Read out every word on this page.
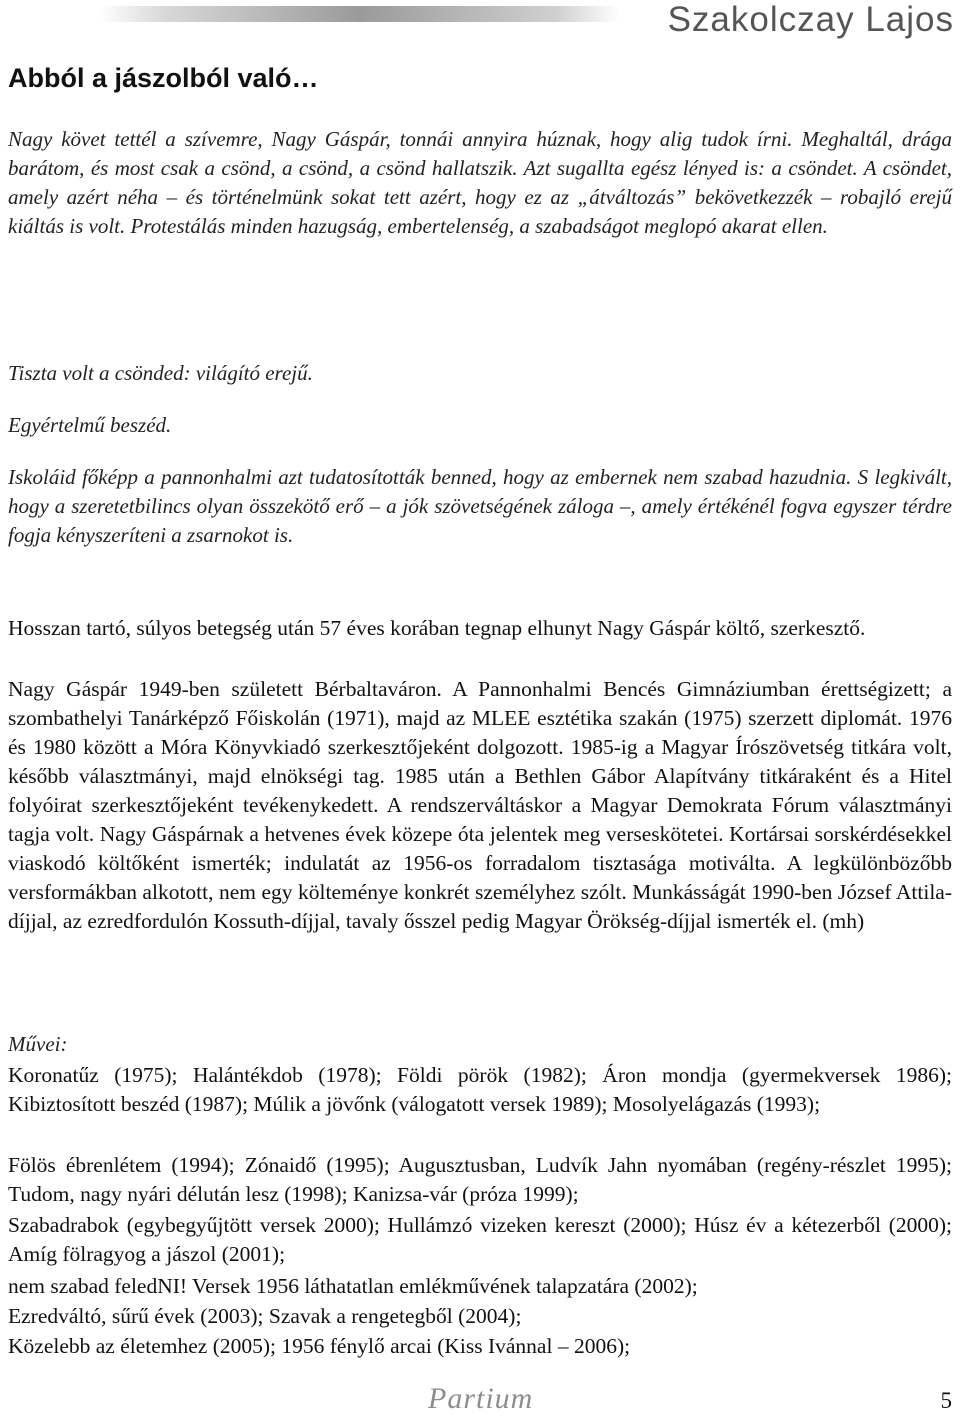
Szakolczay Lajos

Abból a jászolból való…

Nagy követ tettél a szívemre, Nagy Gáspár, tonnái annyira húznak, hogy alig tudok írni. Meghaltál, drága barátom, és most csak a csönd, a csönd, a csönd hallatszik. Azt sugallta egész lényed is: a csöndet. A csöndet, amely azért néha – és történelmünk sokat tett azért, hogy ez az „átváltozás” bekövetkezzék – robajló erejű kiáltás is volt. Protestálás minden hazugság, embertelenség, a szabadságot meglopó akarat ellen.

Tiszta volt a csönded: világító erejű.

Egyértelmű beszéd.

Iskoláid főképp a pannonhalmi azt tudatosították benned, hogy az embernek nem szabad hazudnia. S legkivált, hogy a szeretetbilincs olyan összekötő erő – a jók szövetségének záloga –, amely értékénél fogva egyszer térdre fogja kényszeríteni a zsarnokot is.

Hosszan tartó, súlyos betegség után 57 éves korában tegnap elhunyt Nagy Gáspár költő, szerkesztő.

Nagy Gáspár 1949-ben született Bérbaltaváron. A Pannonhalmi Bencés Gimnáziumban érettségizett; a szombathelyi Tanárképző Főiskolán (1971), majd az MLEE esztétika szakán (1975) szerzett diplomát. 1976 és 1980 között a Móra Könyvkiadó szerkesztőjeként dolgozott. 1985-ig a Magyar Írószövetség titkára volt, később választmányi, majd elnökségi tag. 1985 után a Bethlen Gábor Alapítvány titkáraként és a Hitel folyóirat szerkesztőjeként tevékenykedett. A rendszerváltáskor a Magyar Demokrata Fórum választmányi tagja volt. Nagy Gáspárnak a hetvenes évek közepe óta jelentek meg verseskötetei. Kortársai sorskérdésekkel viaskodó költőként ismerték; indulatát az 1956-os forradalom tisztasága motiválta. A legkülönbözőbb versformákban alkotott, nem egy költeménye konkrét személyhez szólt. Munkásságát 1990-ben József Attila-díjjal, az ezredfordulón Kossuth-díjjal, tavaly ősszel pedig Magyar Örökség-díjjal ismerték el. (mh)

Művei:

Koronatűz (1975); Halántékdob (1978); Földi pörök (1982); Áron mondja (gyermekversek 1986); Kibiztosított beszéd (1987); Múlik a jövőnk (válogatott versek 1989); Mosolyelágazás (1993);

Fölös ébrenlétem (1994); Zónaidő (1995); Augusztusban, Ludvík Jahn nyomában (regény-részlet 1995); Tudom, nagy nyári délután lesz (1998); Kanizsa-vár (próza 1999);

Szabadrabok (egybegyűjtött versek 2000); Hullámzó vizeken kereszt (2000); Húsz év a kétezerből (2000); Amíg fölragyog a jászol (2001);

nem szabad feledNI! Versek 1956 láthatatlan emlékművének talapzatára (2002);

Ezredváltó, sűrű évek (2003); Szavak a rengetegből (2004);

Közelebb az életemhez (2005); 1956 fénylő arcai (Kiss Ivánnal – 2006);

Partium	5
